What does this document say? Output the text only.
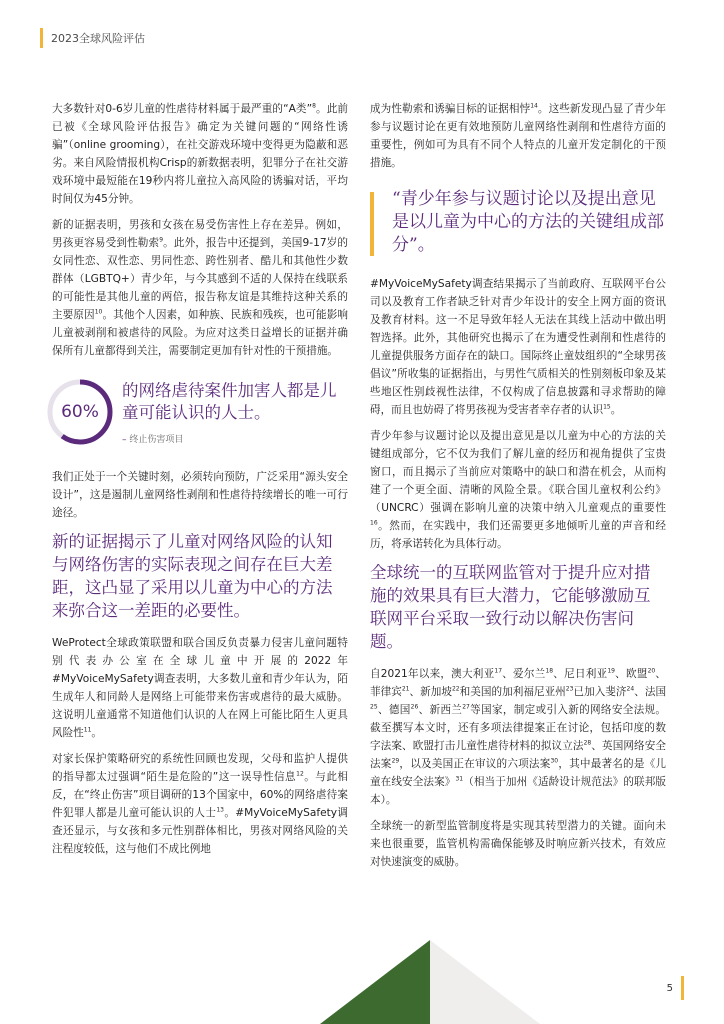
2023全球风险评估

大多数针对0-6岁儿童的性虐待材料属于最严重的“A类”$^8$。此前已被《全球风险评估报告》确定为关键问题的“网络性诱骗”（online grooming），在社交游戏环境中变得更为隐蔽和恶劣。来自风险情报机构Crisp的新数据表明，犯罪分子在社交游戏环境中最短能在19秒内将儿童拉入高风险的诱骗对话，平均时间仅为45分钟。

新的证据表明，男孩和女孩在易受伤害性上存在差异。例如，男孩更容易受到性勒索$^9$。此外，报告中还提到，美国9-17岁的女同性恋、双性恋、男同性恋、跨性别者、酷儿和其他性少数群体（LGBTQ+）青少年，与今其感到不适的人保持在线联系的可能性是其他儿童的两倍，报告称友谊是其维持这种关系的主要原因$^{10}$。其他个人因素，如种族、民族和残疾，也可能影响儿童被剥削和被虐待的风险。为应对这类日益增长的证据并确保所有儿童都得到关注，需要制定更加有针对性的干预措施。

60%
的网络虐待案件加害人都是儿童可能认识的人士。
– 终止伤害项目

我们正处于一个关键时刻，必须转向预防，广泛采用“源头安全设计”，这是遏制儿童网络性剥削和性虐待持续增长的唯一可行途径。

新的证据揭示了儿童对网络风险的认知与网络伤害的实际表现之间存在巨大差距，这凸显了采用以儿童为中心的方法来弥合这一差距的必要性。

WeProtect全球政策联盟和联合国反负责暴力侵害儿童问题特别代表办公室在全球儿童中开展的2022年#MyVoiceMySafety调查表明，大多数儿童和青少年认为，陌生成年人和同龄人是网络上可能带来伤害或虐待的最大威胁。这说明儿童通常不知道他们认识的人在网上可能比陌生人更具风险性$^{11}$。

对家长保护策略研究的系统性回顾也发现，父母和监护人提供的指导都太过强调“陌生是危险的”这一误导性信息$^{12}$。与此相反，在“终止伤害”项目调研的13个国家中，60%的网络虐待案件犯罪人都是儿童可能认识的人士$^{13}$。#MyVoiceMySafety调查还显示，与女孩和多元性别群体相比，男孩对网络风险的关注程度较低，这与他们不成比例地

成为性勒索和诱骗目标的证据相悖$^{14}$。这些新发现凸显了青少年参与议题讨论在更有效地预防儿童网络性剥削和性虐待方面的重要性，例如可为具有不同个人特点的儿童开发定制化的干预措施。

“青少年参与议题讨论以及提出意见是以儿童为中心的方法的关键组成部分”。

#MyVoiceMySafety调查结果揭示了当前政府、互联网平台公司以及教育工作者缺乏针对青少年设计的安全上网方面的资讯及教育材料。这一不足导致年轻人无法在其线上活动中做出明智选择。此外，其他研究也揭示了在为遭受性剥削和性虐待的儿童提供服务方面存在的缺口。国际终止童妓组织的“全球男孩倡议”所收集的证据指出，与男性气质相关的性别刻板印象及某些地区性别歧视性法律，不仅构成了信息披露和寻求帮助的障碍，而且也妨碍了将男孩视为受害者幸存者的认识$^{15}$。

青少年参与议题讨论以及提出意见是以儿童为中心的方法的关键组成部分，它不仅为我们了解儿童的经历和视角提供了宝贵窗口，而且揭示了当前应对策略中的缺口和潜在机会，从而构建了一个更全面、清晰的风险全景。《联合国儿童权利公约》（UNCRC）强调在影响儿童的决策中纳入儿童观点的重要性$^{16}$。然而，在实践中，我们还需要更多地倾听儿童的声音和经历，将承诺转化为具体行动。

全球统一的互联网监管对于提升应对措施的效果具有巨大潜力，它能够激励互联网平台采取一致行动以解决伤害问题。

自2021年以来，澳大利亚$^{17}$、爱尔兰$^{18}$、尼日利亚$^{19}$、欧盟$^{20}$、菲律宾$^{21}$、新加坡$^{22}$和美国的加利福尼亚州$^{23}$已加入斐济$^{24}$、法国$^{25}$、德国$^{26}$、新西兰$^{27}$等国家，制定或引入新的网络安全法规。截至撰写本文时，还有多项法律提案正在讨论，包括印度的数字法案、欧盟打击儿童性虐待材料的拟议立法$^{28}$、英国网络安全法案$^{29}$，以及美国正在审议的六项法案$^{30}$，其中最著名的是《儿童在线安全法案》$^{31}$（相当于加州《适龄设计规范法》的联邦版本）。

全球统一的新型监管制度将是实现其转型潜力的关键。面向未来也很重要，监管机构需确保能够及时响应新兴技术，有效应对快速演变的威胁。

5
